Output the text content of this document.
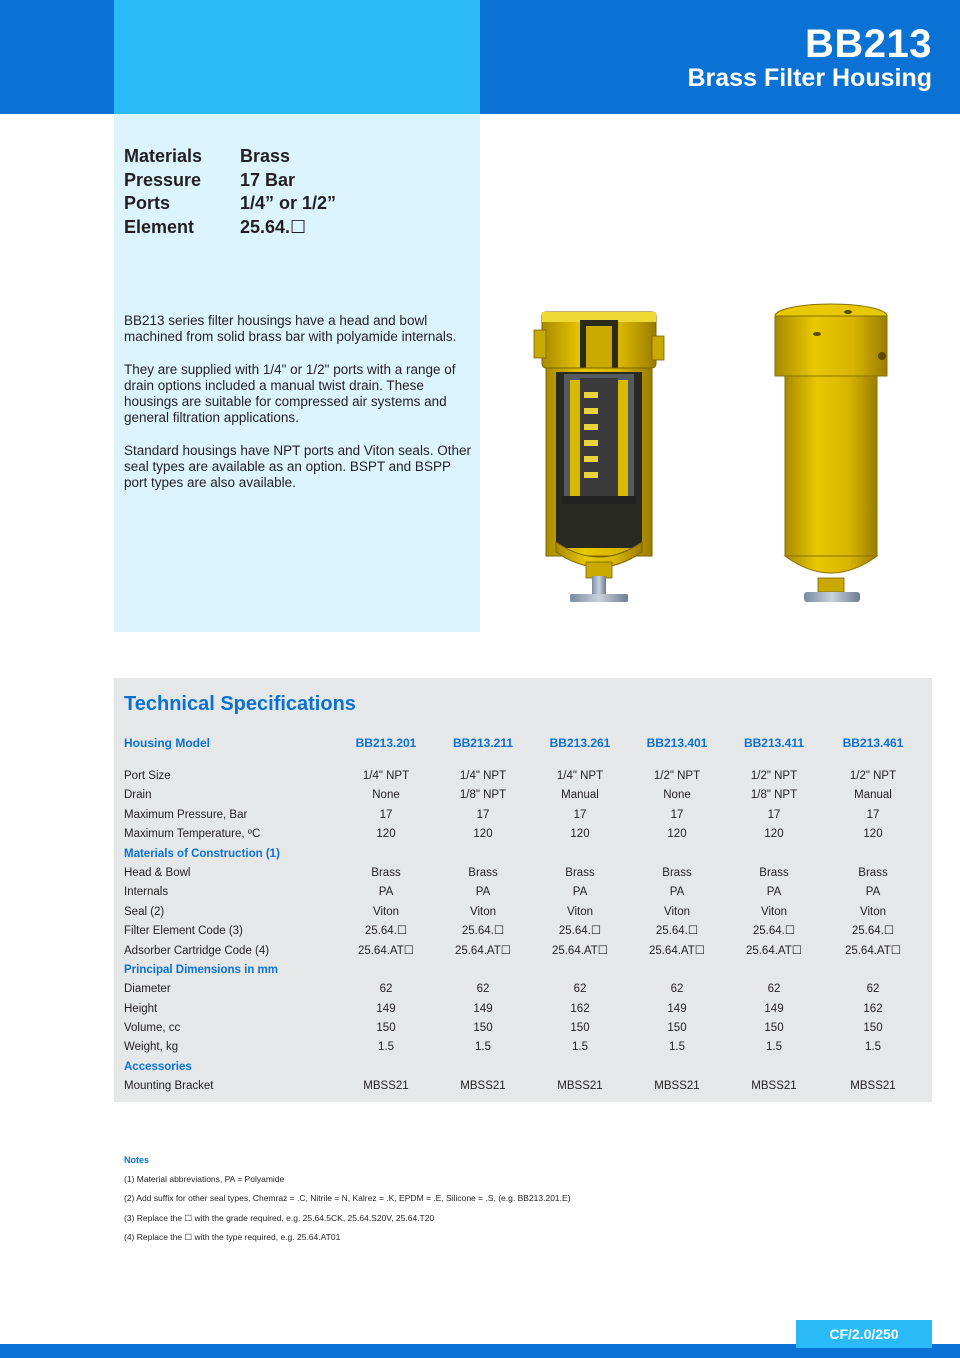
BB213
Brass Filter Housing
Materials	Brass
Pressure	17 Bar
Ports	1/4” or 1/2”
Element	25.64.☐

BB213 series filter housings have a head and bowl machined from solid brass bar with polyamide internals.

They are supplied with 1/4" or 1/2" ports with a range of drain options included a manual twist drain. These housings are suitable for compressed air systems and general filtration applications.

Standard housings have NPT ports and Viton seals. Other seal types are available as an option. BSPT and BSPP port types are also available.

Technical Specifications
Housing Model	BB213.201	BB213.211	BB213.261	BB213.401	BB213.411	BB213.461
Port Size	1/4" NPT	1/4" NPT	1/4" NPT	1/2" NPT	1/2" NPT	1/2" NPT
Drain	None	1/8" NPT	Manual	None	1/8" NPT	Manual
Maximum Pressure, Bar	17	17	17	17	17	17
Maximum Temperature, ºC	120	120	120	120	120	120
Materials of Construction (1)
Head & Bowl	Brass	Brass	Brass	Brass	Brass	Brass
Internals	PA	PA	PA	PA	PA	PA
Seal (2)	Viton	Viton	Viton	Viton	Viton	Viton
Filter Element Code (3)	25.64.☐	25.64.☐	25.64.☐	25.64.☐	25.64.☐	25.64.☐
Adsorber Cartridge Code (4)	25.64.AT☐	25.64.AT☐	25.64.AT☐	25.64.AT☐	25.64.AT☐	25.64.AT☐
Principal Dimensions in mm
Diameter	62	62	62	62	62	62
Height	149	149	162	149	149	162
Volume, cc	150	150	150	150	150	150
Weight, kg	1.5	1.5	1.5	1.5	1.5	1.5
Accessories
Mounting Bracket	MBSS21	MBSS21	MBSS21	MBSS21	MBSS21	MBSS21
Notes
(1) Material abbreviations, PA = Polyamide
(2) Add suffix for other seal types, Chemraz = .C, Nitrile = N, Kalrez = .K, EPDM = .E, Silicone = .S, (e.g. BB213.201.E)
(3) Replace the ☐ with the grade required, e.g. 25.64.5CK, 25.64.S20V, 25.64.T20
(4) Replace the ☐ with the type required, e.g. 25.64.AT01
CF/2.0/250
